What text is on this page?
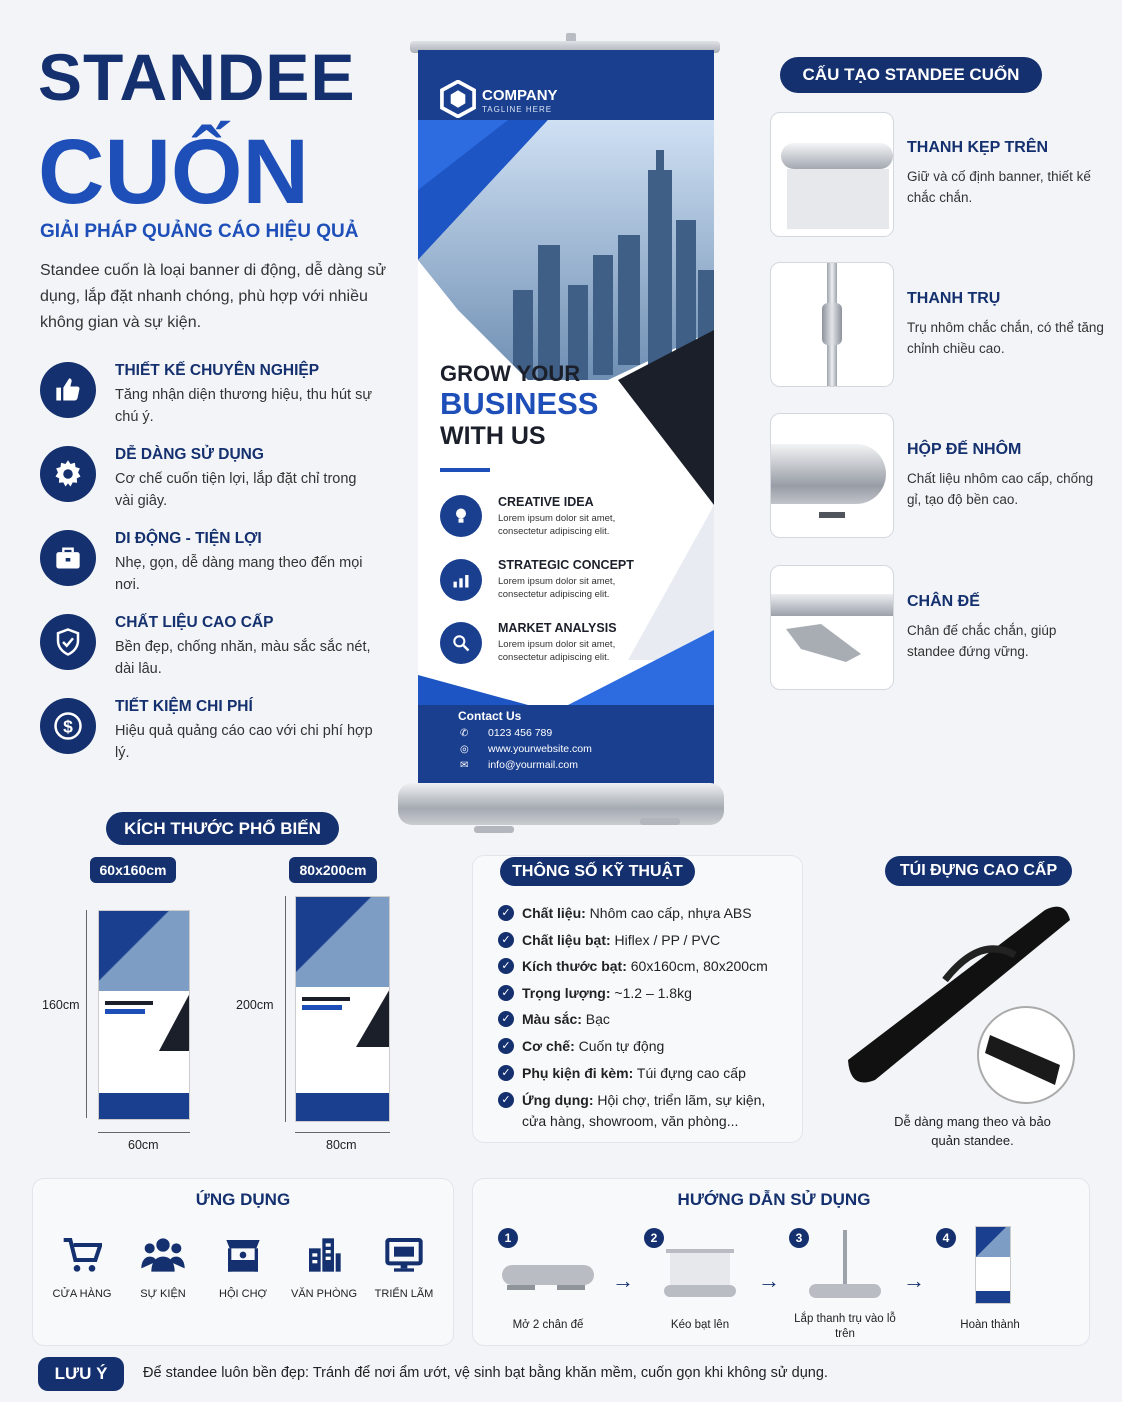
STANDEE
CUỐN
GIẢI PHÁP QUẢNG CÁO HIỆU QUẢ
Standee cuốn là loại banner di động, dễ dàng sử dụng, lắp đặt nhanh chóng, phù hợp với nhiều không gian và sự kiện.
THIẾT KẾ CHUYÊN NGHIỆP
Tăng nhận diện thương hiệu, thu hút sự chú ý.
DỄ DÀNG SỬ DỤNG
Cơ chế cuốn tiện lợi, lắp đặt chỉ trong vài giây.
DI ĐỘNG - TIỆN LỢI
Nhẹ, gọn, dễ dàng mang theo đến mọi nơi.
CHẤT LIỆU CAO CẤP
Bền đẹp, chống nhăn, màu sắc sắc nét, dài lâu.
$
TIẾT KIỆM CHI PHÍ
Hiệu quả quảng cáo cao với chi phí hợp lý.
COMPANY
TAGLINE HERE
GROW YOUR
BUSINESS
WITH US
CREATIVE IDEA
Lorem ipsum dolor sit amet,
consectetur adipiscing elit.
STRATEGIC CONCEPT
Lorem ipsum dolor sit amet,
consectetur adipiscing elit.
MARKET ANALYSIS
Lorem ipsum dolor sit amet,
consectetur adipiscing elit.
Contact Us
✆ 0123 456 789
◎ www.yourwebsite.com
✉ info@yourmail.com
CẤU TẠO STANDEE CUỐN
THANH KẸP TRÊN
Giữ và cố định banner, thiết kế chắc chắn.
THANH TRỤ
Trụ nhôm chắc chắn, có thể tăng chỉnh chiều cao.
HỘP ĐẾ NHÔM
Chất liệu nhôm cao cấp, chống gỉ, tạo độ bền cao.
CHÂN ĐẾ
Chân đế chắc chắn, giúp standee đứng vững.
KÍCH THƯỚC PHỔ BIẾN
60x160cm	80x200cm
160cm
60cm
200cm
80cm
THÔNG SỐ KỸ THUẬT
✓ Chất liệu: Nhôm cao cấp, nhựa ABS
✓ Chất liệu bạt: Hiflex / PP / PVC
✓ Kích thước bạt: 60x160cm, 80x200cm
✓ Trọng lượng: ~1.2 – 1.8kg
✓ Màu sắc: Bạc
✓ Cơ chế: Cuốn tự động
✓ Phụ kiện đi kèm: Túi đựng cao cấp
✓ Ứng dụng: Hội chợ, triển lãm, sự kiện, cửa hàng, showroom, văn phòng...
TÚI ĐỰNG CAO CẤP
Dễ dàng mang theo và bảo quản standee.
ỨNG DỤNG
CỬA HÀNG	SỰ KIỆN	HỘI CHỢ	VĂN PHÒNG	TRIỂN LÃM
HƯỚNG DẪN SỬ DỤNG
1
Mở 2 chân đế
→
2
Kéo bạt lên
→
3
Lắp thanh trụ vào lỗ trên
→
4
Hoàn thành
LƯU Ý	Để standee luôn bền đẹp: Tránh để nơi ẩm ướt, vệ sinh bạt bằng khăn mềm, cuốn gọn khi không sử dụng.
